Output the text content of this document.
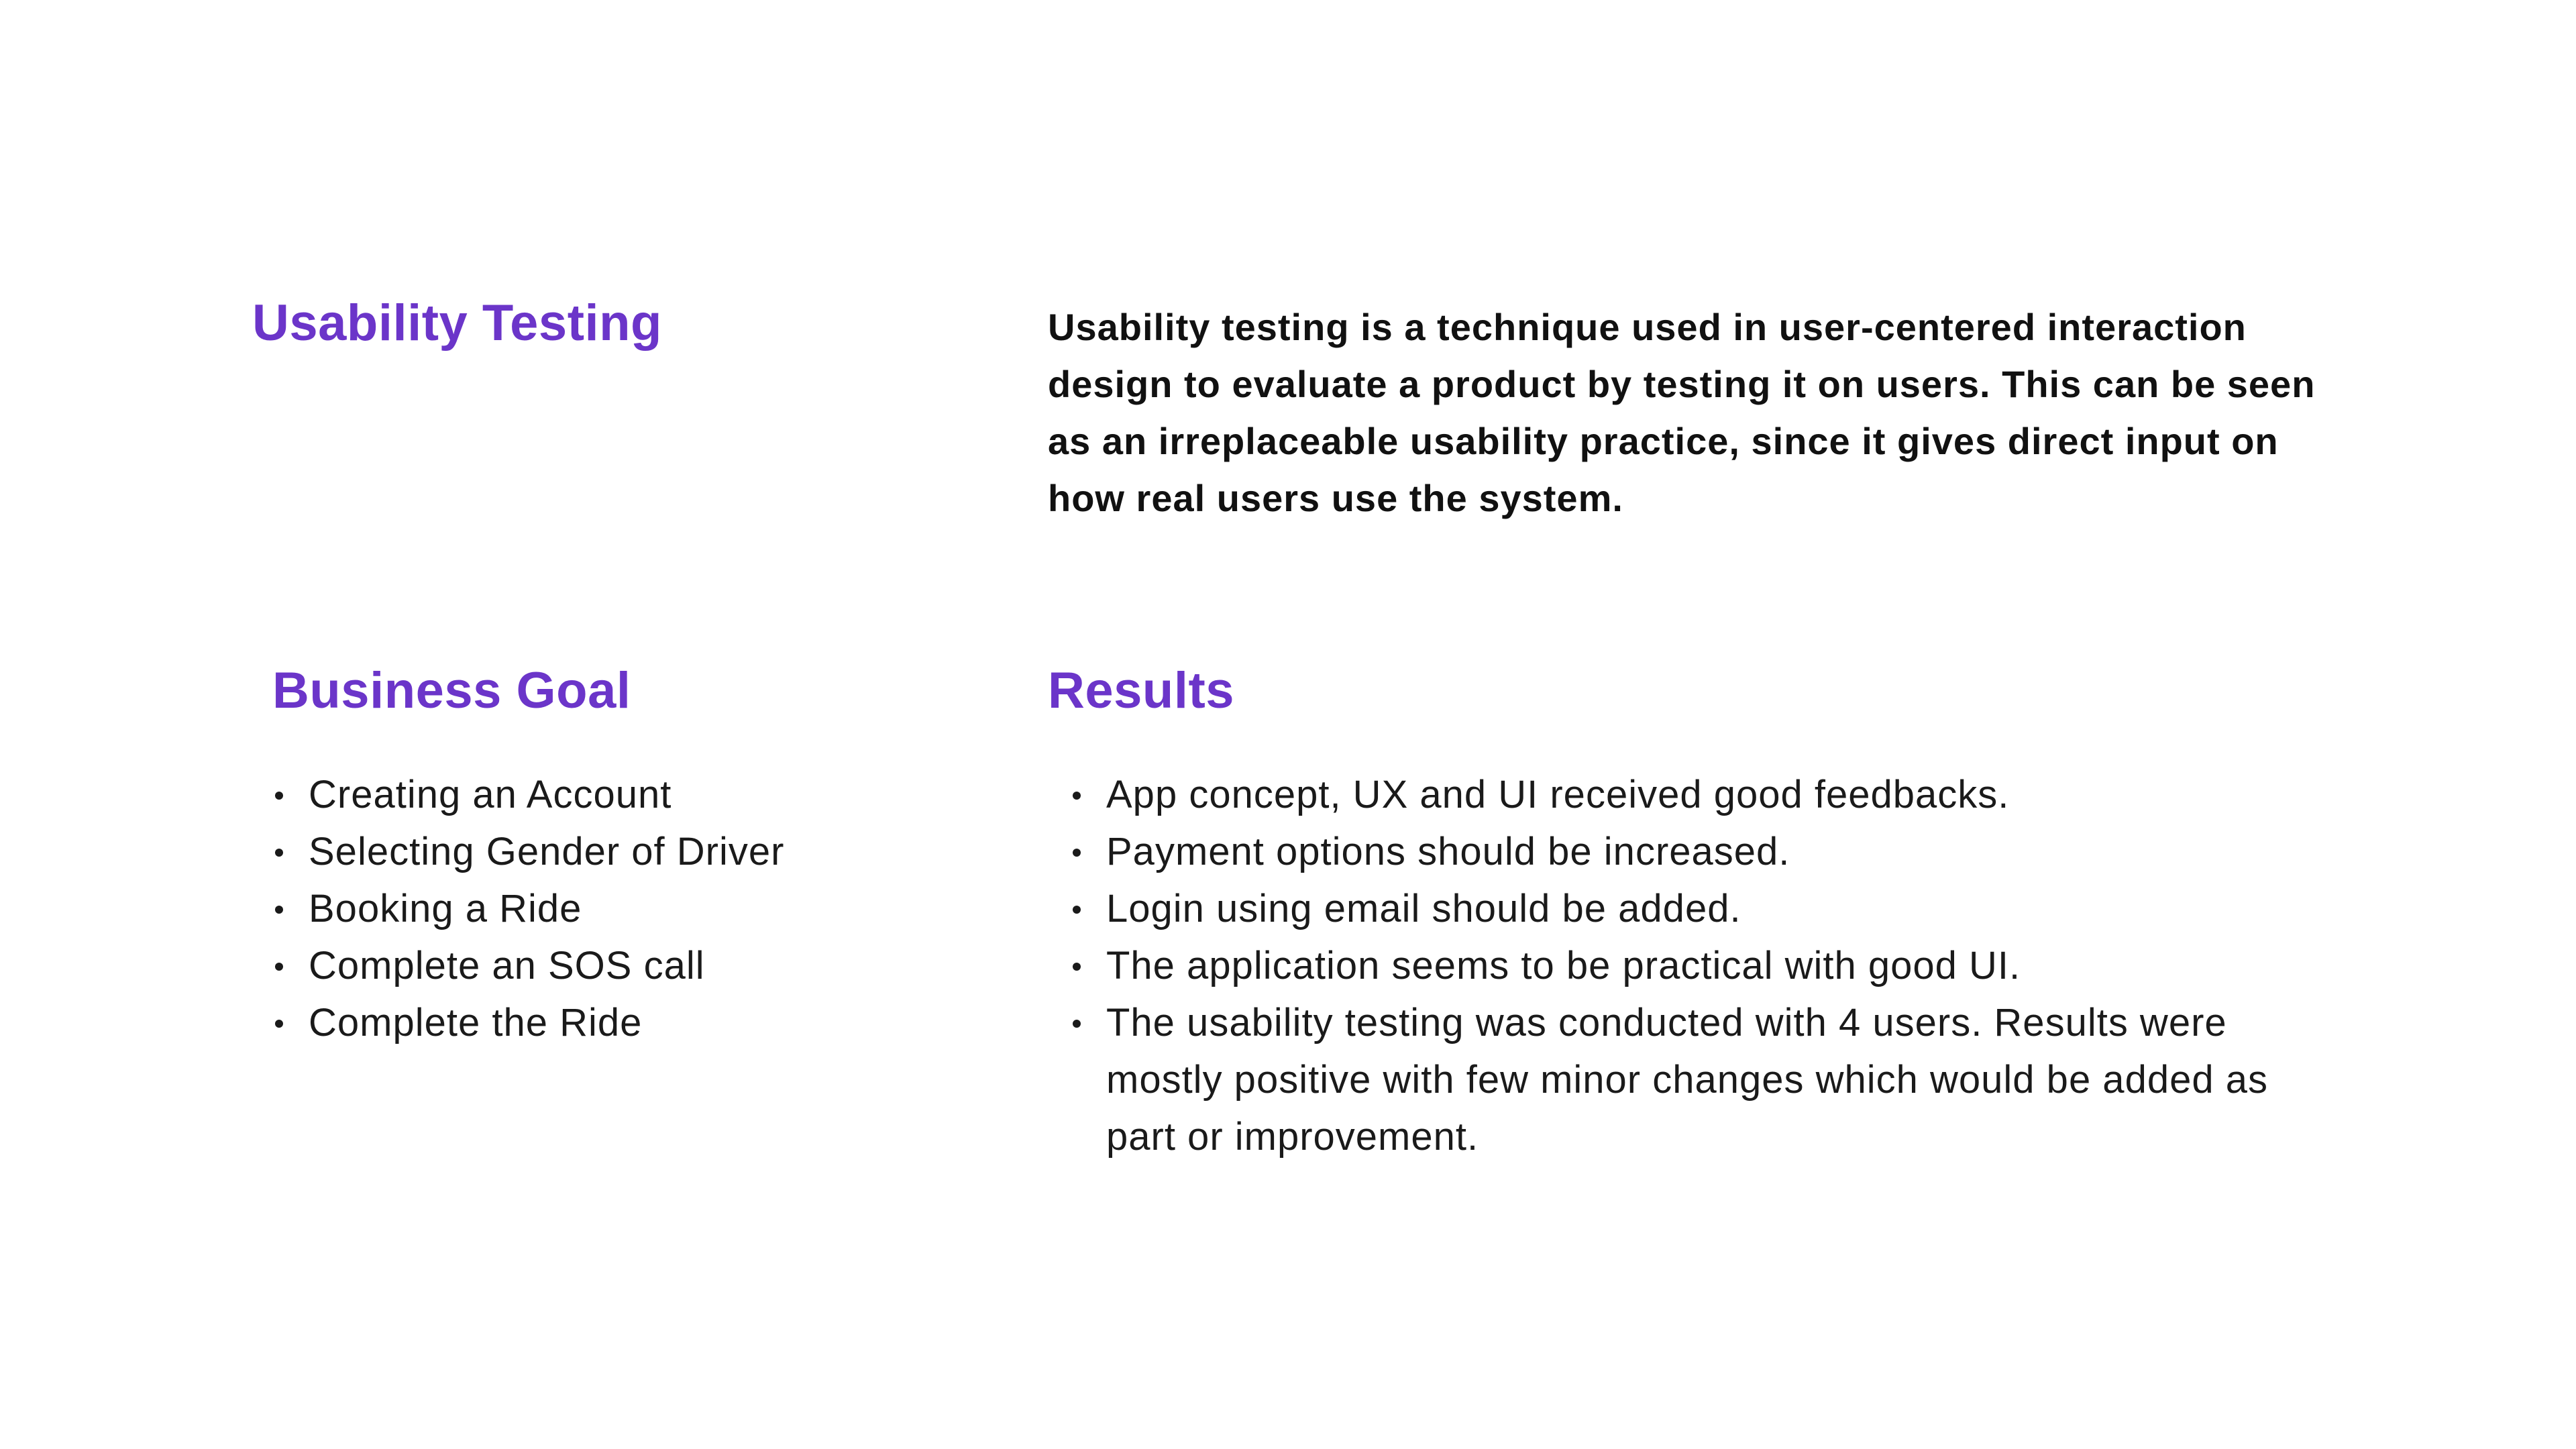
Usability Testing	Usability testing is a technique used in user-centered interaction design to evaluate a product by testing it on users. This can be seen as an irreplaceable usability practice, since it gives direct input on how real users use the system.

Business Goal
Creating an Account
Selecting Gender of Driver
Booking a Ride
Complete an SOS call
Complete the Ride
Results
App concept, UX and UI received good feedbacks.
Payment options should be increased.
Login using email should be added.
The application seems to be practical with good UI.
The usability testing was conducted with 4 users. Results were mostly positive with few minor changes which would be added as part or improvement.
